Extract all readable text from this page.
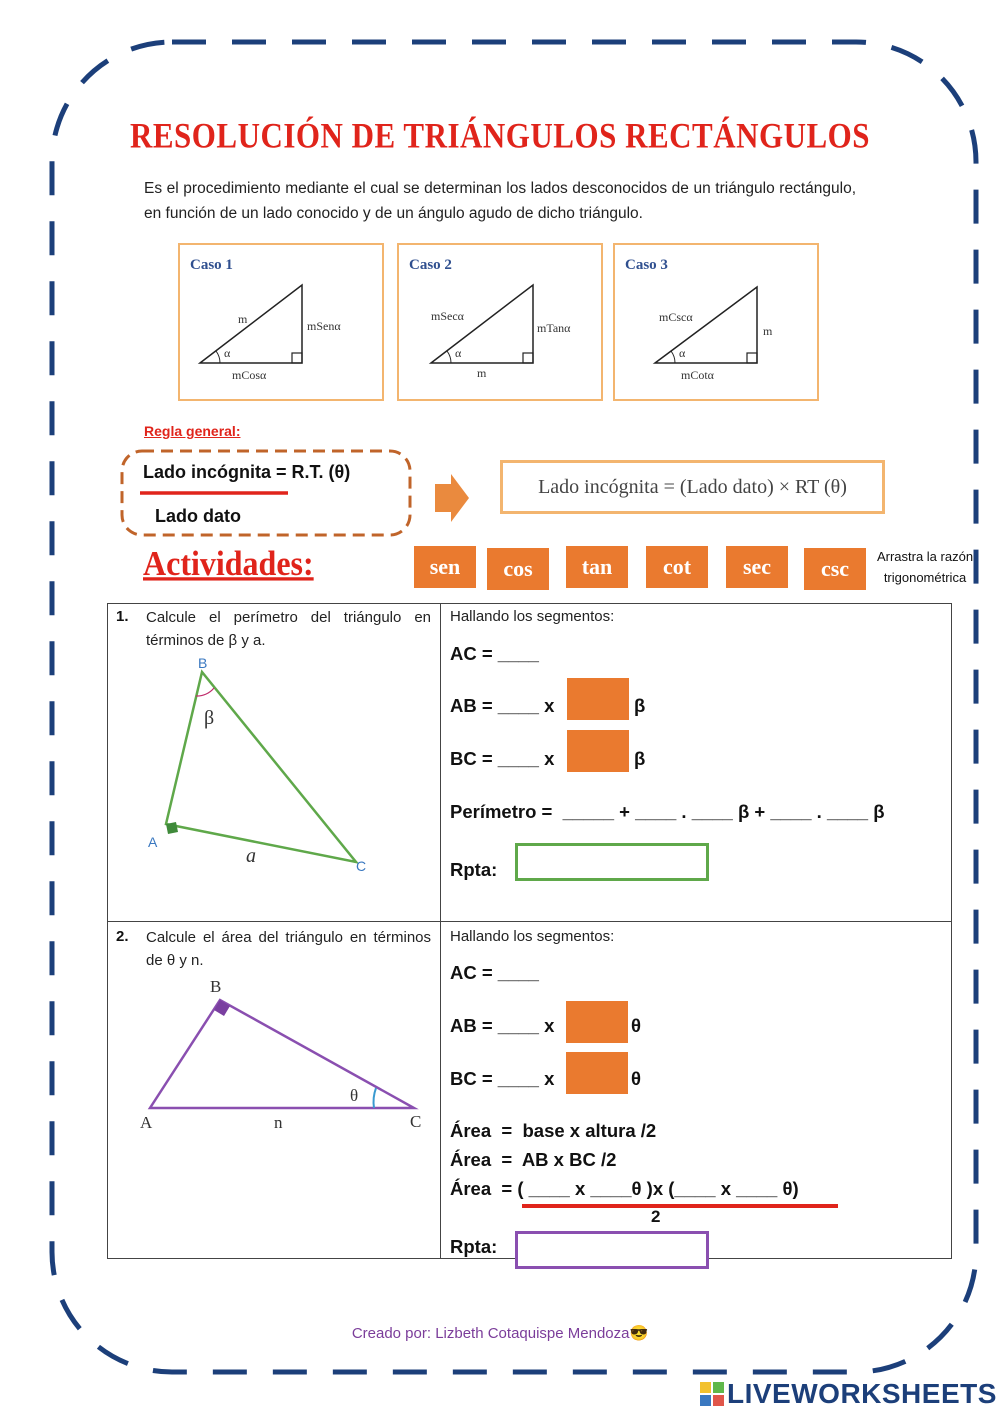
RESOLUCIÓN DE TRIÁNGULOS RECTÁNGULOS
Es el procedimiento mediante el cual se determinan los lados desconocidos de un triángulo rectángulo, en función de un lado conocido y de un ángulo agudo de dicho triángulo.
Caso 1
m	mSenα
mCosα
α
Caso 2
mSecα
mTanα
m
α
Caso 3
mCscα
m
mCotα
α
Regla general:
Lado incógnita = R.T. (θ)
Lado dato
Lado incógnita = (Lado dato) × RT (θ)
Actividades:	sen	cos	tan	cot	sec	csc	Arrastra la razón
trigonométrica
1. Calcule el perímetro del triángulo en términos de β y a.
B
β
A
a	C
Hallando los segmentos:
AC = ____
AB = ____ x	β
BC = ____ x	β
Perímetro =  _____ + ____ . ____ β + ____ . ____ β
Rpta:
2. Calcule el área del triángulo en términos de θ y n.
B
θ
A	n	C
Hallando los segmentos:
AC = ____
AB = ____ x	θ
BC = ____ x	θ
Área  =  base x altura /2
Área  =  AB x BC /2
Área  = ( ____ x ____θ )x (____ x ____ θ)
2
Rpta:
Creado por: Lizbeth Cotaquispe Mendoza😎
LIVEWORKSHEETS
